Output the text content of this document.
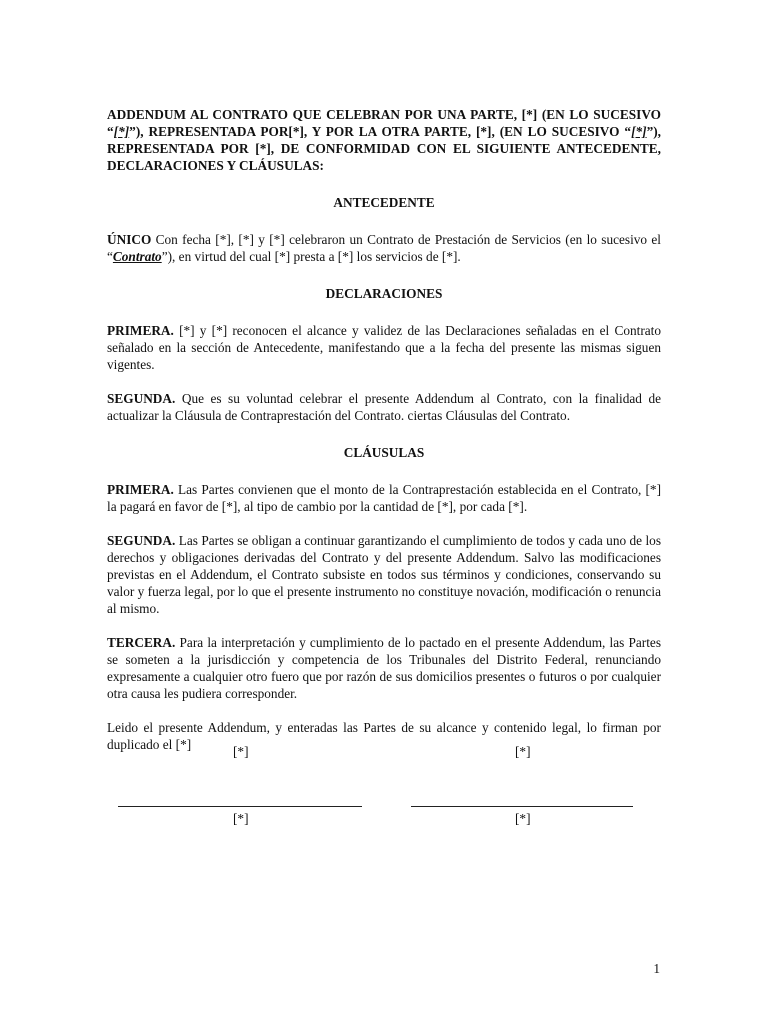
ADDENDUM AL CONTRATO QUE CELEBRAN POR UNA PARTE, [*] (EN LO SUCESIVO “[*]”), REPRESENTADA POR[*], Y POR LA OTRA PARTE, [*], (EN LO SUCESIVO “[*]”), REPRESENTADA POR [*], DE CONFORMIDAD CON EL SIGUIENTE ANTECEDENTE, DECLARACIONES Y CLÁUSULAS:

ANTECEDENTE

ÚNICO Con fecha [*], [*] y [*] celebraron un Contrato de Prestación de Servicios (en lo sucesivo el “Contrato”), en virtud del cual [*] presta a [*] los servicios de [*].

DECLARACIONES

PRIMERA. [*] y [*] reconocen el alcance y validez de las Declaraciones señaladas en el Contrato señalado en la sección de Antecedente, manifestando que a la fecha del presente las mismas siguen vigentes.

SEGUNDA. Que es su voluntad celebrar el presente Addendum al Contrato, con la finalidad de actualizar la Cláusula de Contraprestación del Contrato. ciertas Cláusulas del Contrato.

CLÁUSULAS

PRIMERA. Las Partes convienen que el monto de la Contraprestación establecida en el Contrato, [*] la pagará en favor de [*], al tipo de cambio por la cantidad de [*], por cada [*].

SEGUNDA. Las Partes se obligan a continuar garantizando el cumplimiento de todos y cada uno de los derechos y obligaciones derivadas del Contrato y del presente Addendum. Salvo las modificaciones previstas en el Addendum, el Contrato subsiste en todos sus términos y condiciones, conservando su valor y fuerza legal, por lo que el presente instrumento no constituye novación, modificación o renuncia al mismo.

TERCERA. Para la interpretación y cumplimiento de lo pactado en el presente Addendum, las Partes se someten a la jurisdicción y competencia de los Tribunales del Distrito Federal, renunciando expresamente a cualquier otro fuero que por razón de sus domicilios presentes o futuros o por cualquier otra causa les pudiera corresponder.

Leido el presente Addendum, y enteradas las Partes de su alcance y contenido legal, lo firman por duplicado el [*]	[*]	[*]
[*]	[*]
1
